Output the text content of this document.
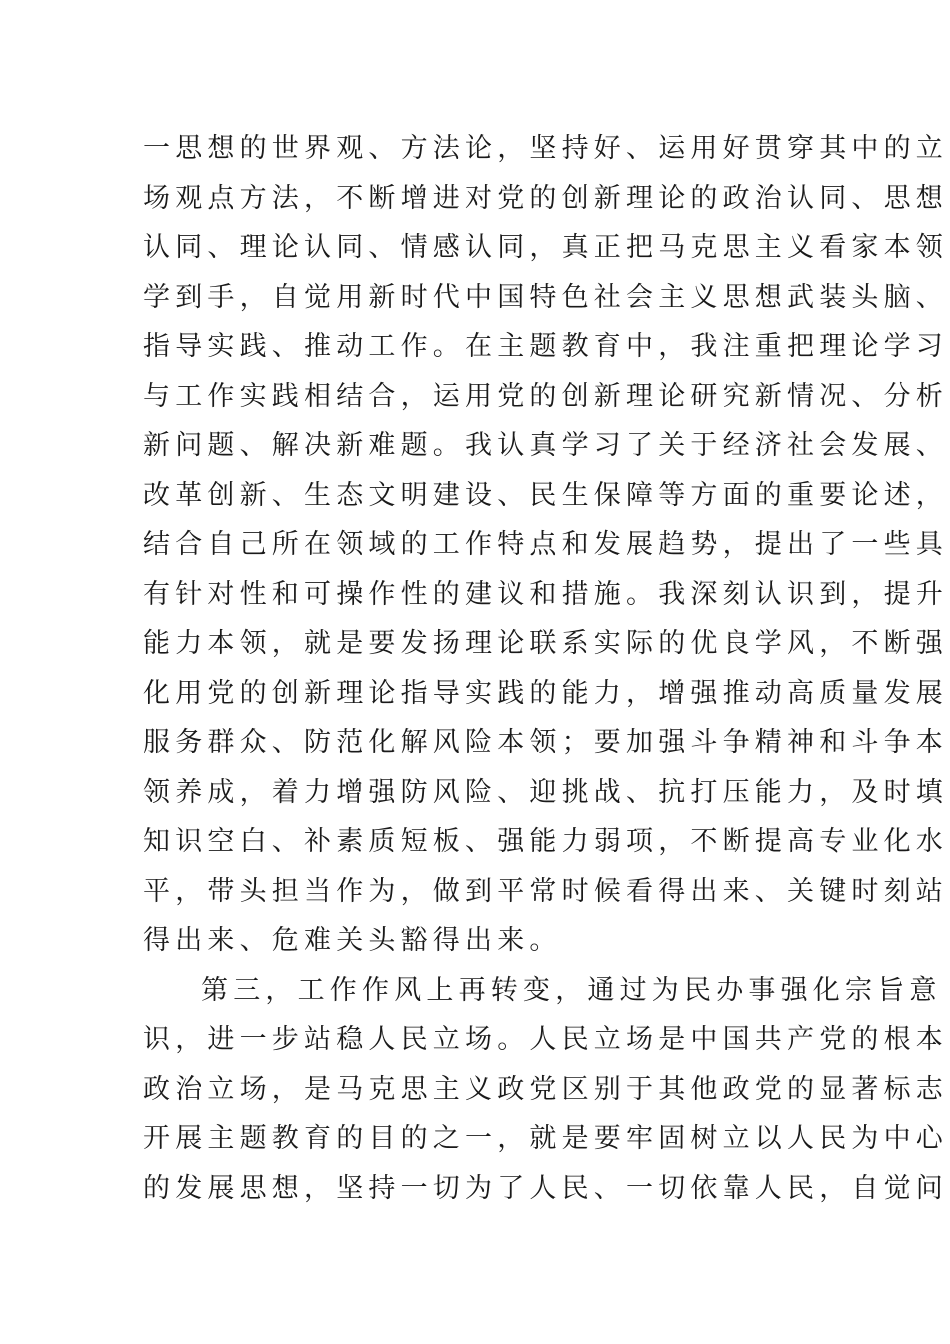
一思想的世界观、方法论，坚持好、运用好贯穿其中的立
场观点方法，不断增进对党的创新理论的政治认同、思想
认同、理论认同、情感认同，真正把马克思主义看家本领
学到手，自觉用新时代中国特色社会主义思想武装头脑、
指导实践、推动工作。在主题教育中，我注重把理论学习
与工作实践相结合，运用党的创新理论研究新情况、分析
新问题、解决新难题。我认真学习了关于经济社会发展、
改革创新、生态文明建设、民生保障等方面的重要论述，
结合自己所在领域的工作特点和发展趋势，提出了一些具
有针对性和可操作性的建议和措施。我深刻认识到，提升
能力本领，就是要发扬理论联系实际的优良学风，不断强
化用党的创新理论指导实践的能力，增强推动高质量发展
服务群众、防范化解风险本领；要加强斗争精神和斗争本
领养成，着力增强防风险、迎挑战、抗打压能力，及时填
知识空白、补素质短板、强能力弱项，不断提高专业化水
平，带头担当作为，做到平常时候看得出来、关键时刻站
得出来、危难关头豁得出来。
第三，工作作风上再转变，通过为民办事强化宗旨意
识，进一步站稳人民立场。人民立场是中国共产党的根本
政治立场，是马克思主义政党区别于其他政党的显著标志
开展主题教育的目的之一，就是要牢固树立以人民为中心
的发展思想，坚持一切为了人民、一切依靠人民，自觉问
